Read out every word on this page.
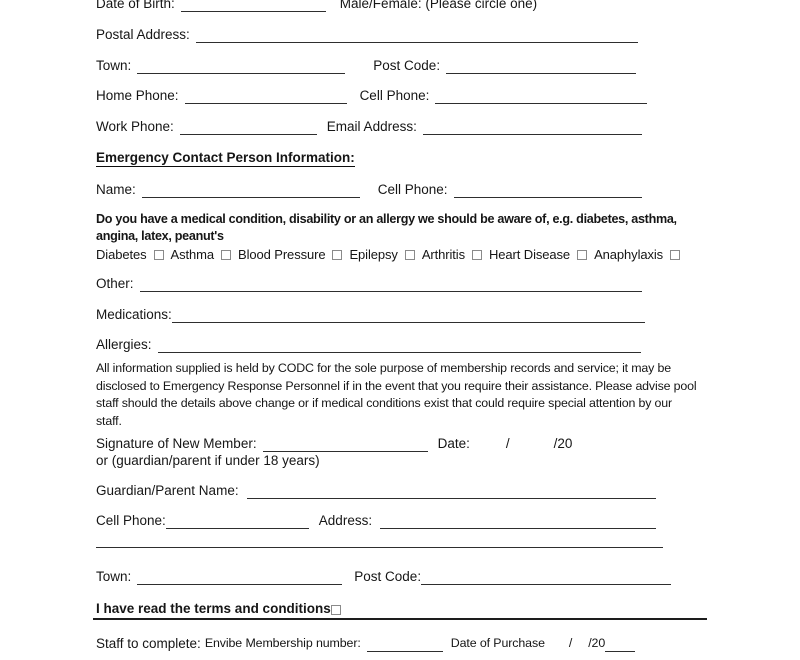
Date of Birth:	Male/Female: (Please circle one)
Postal Address:
Town:	Post Code:
Home Phone:	Cell Phone:
Work Phone:	Email Address:
Emergency Contact Person Information:
Name:	Cell Phone:
Do you have a medical condition, disability or an allergy we should be aware of, e.g. diabetes, asthma,
angina, latex, peanut's
Diabetes Asthma Blood Pressure Epilepsy Arthritis Heart Disease Anaphylaxis
Other:
Medications:
Allergies:
All information supplied is held by CODC for the sole purpose of membership records and service; it may be
disclosed to Emergency Response Personnel if in the event that you require their assistance. Please advise pool
staff should the details above change or if medical conditions exist that could require special attention by our
staff.
Signature of New Member:	Date:	/	/20
or (guardian/parent if under 18 years)
Guardian/Parent Name:
Cell Phone:	Address:
Town:	Post Code:
I have read the terms and conditions
Staff to complete: Envibe Membership number:	Date of Purchase / /20
